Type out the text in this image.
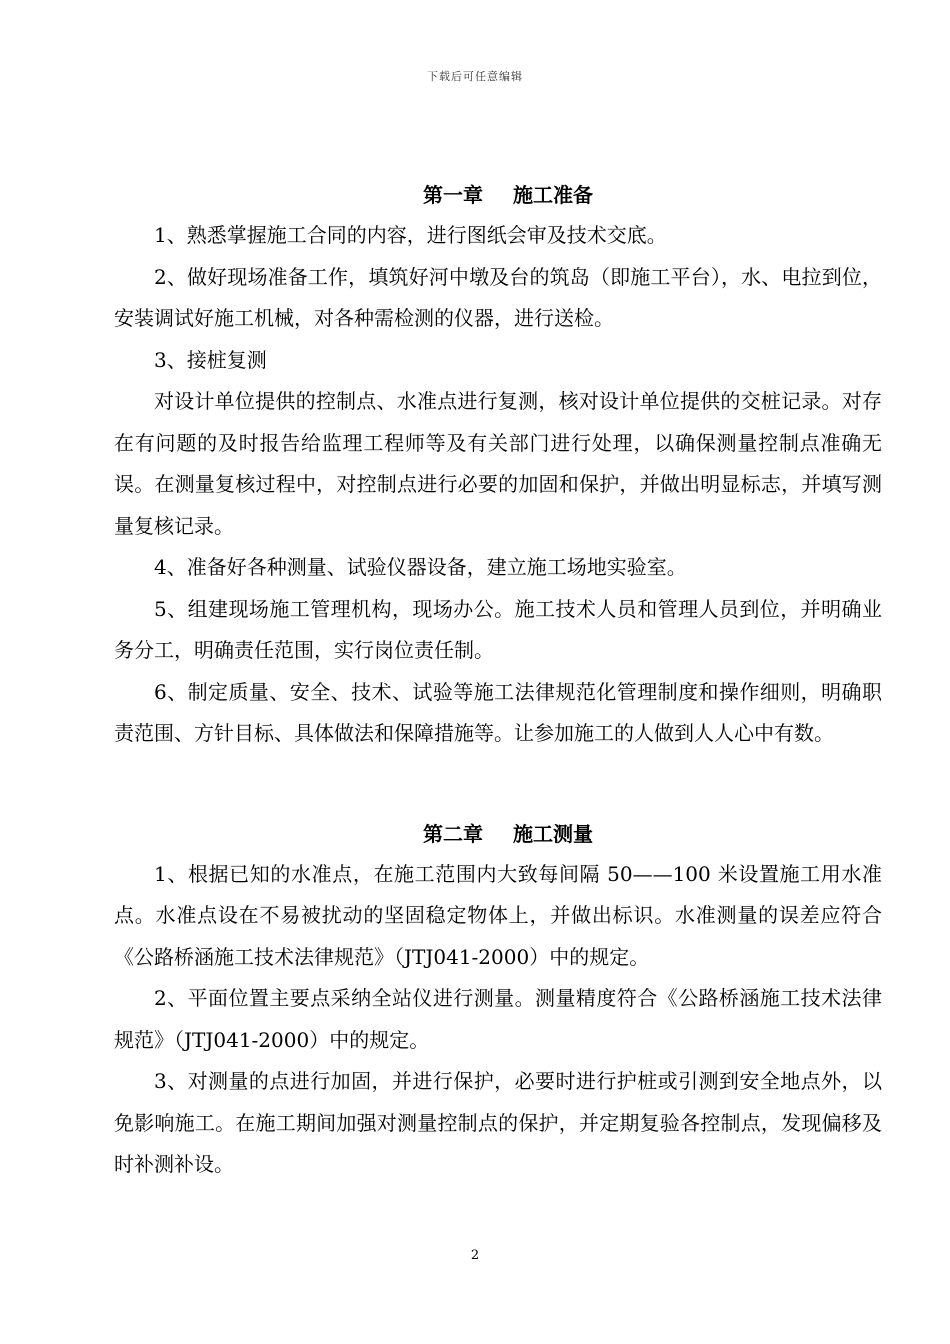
下载后可任意编辑
第一章 施工准备

1、熟悉掌握施工合同的内容，进行图纸会审及技术交底。

2、做好现场准备工作，填筑好河中墩及台的筑岛（即施工平台），水、电拉到位，安装调试好施工机械，对各种需检测的仪器，进行送检。

3、接桩复测

对设计单位提供的控制点、水准点进行复测，核对设计单位提供的交桩记录。对存在有问题的及时报告给监理工程师等及有关部门进行处理，以确保测量控制点准确无误。在测量复核过程中，对控制点进行必要的加固和保护，并做出明显标志，并填写测量复核记录。

4、准备好各种测量、试验仪器设备，建立施工场地实验室。

5、组建现场施工管理机构，现场办公。施工技术人员和管理人员到位，并明确业务分工，明确责任范围，实行岗位责任制。

6、制定质量、安全、技术、试验等施工法律规范化管理制度和操作细则，明确职责范围、方针目标、具体做法和保障措施等。让参加施工的人做到人人心中有数。

第二章 施工测量

1、根据已知的水准点，在施工范围内大致每间隔 50——100 米设置施工用水准点。水准点设在不易被扰动的坚固稳定物体上，并做出标识。水准测量的误差应符合《公路桥涵施工技术法律规范》（JTJ041-2000）中的规定。

2、平面位置主要点采纳全站仪进行测量。测量精度符合《公路桥涵施工技术法律规范》（JTJ041-2000）中的规定。

3、对测量的点进行加固，并进行保护，必要时进行护桩或引测到安全地点外，以免影响施工。在施工期间加强对测量控制点的保护，并定期复验各控制点，发现偏移及时补测补设。

2
